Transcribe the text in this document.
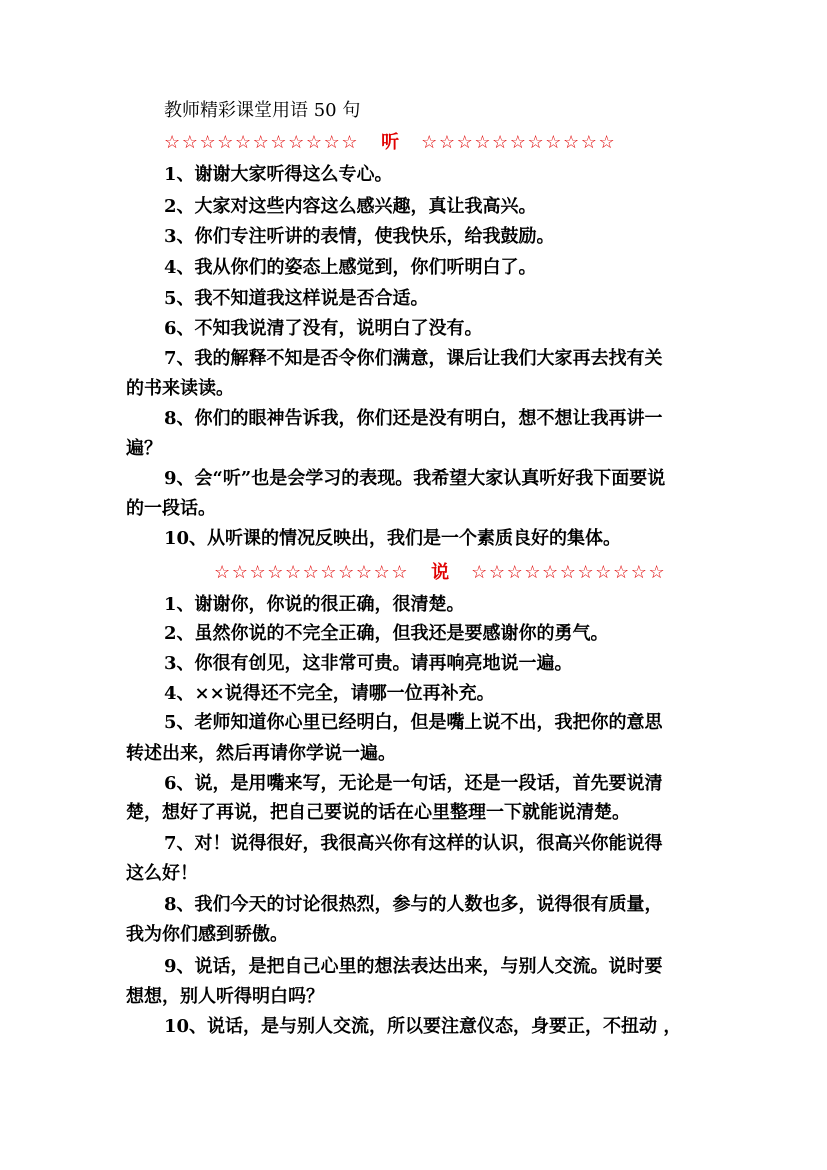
教师精彩课堂用语 50 句
☆☆☆☆☆☆☆☆☆☆☆ 听 ☆☆☆☆☆☆☆☆☆☆☆
1、谢谢大家听得这么专心。
2、大家对这些内容这么感兴趣，真让我高兴。
3、你们专注听讲的表情，使我快乐，给我鼓励。
4、我从你们的姿态上感觉到，你们听明白了。
5、我不知道我这样说是否合适。
6、不知我说清了没有，说明白了没有。
7、我的解释不知是否令你们满意，课后让我们大家再去找有关
的书来读读。
8、你们的眼神告诉我，你们还是没有明白，想不想让我再讲一
遍？
9、会“听”也是会学习的表现。我希望大家认真听好我下面要说
的一段话。
10、从听课的情况反映出，我们是一个素质良好的集体。
☆☆☆☆☆☆☆☆☆☆☆ 说 ☆☆☆☆☆☆☆☆☆☆☆
1、谢谢你，你说的很正确，很清楚。
2、虽然你说的不完全正确，但我还是要感谢你的勇气。
3、你很有创见，这非常可贵。请再响亮地说一遍。
4、××说得还不完全，请哪一位再补充。
5、老师知道你心里已经明白，但是嘴上说不出，我把你的意思
转述出来，然后再请你学说一遍。
6、说，是用嘴来写，无论是一句话，还是一段话，首先要说清
楚，想好了再说，把自己要说的话在心里整理一下就能说清楚。
7、对！说得很好，我很高兴你有这样的认识，很高兴你能说得
这么好！
8、我们今天的讨论很热烈，参与的人数也多，说得很有质量，
我为你们感到骄傲。
9、说话，是把自己心里的想法表达出来，与别人交流。说时要
想想，别人听得明白吗？
10、说话，是与别人交流，所以要注意仪态，身要正，不扭动 ，
